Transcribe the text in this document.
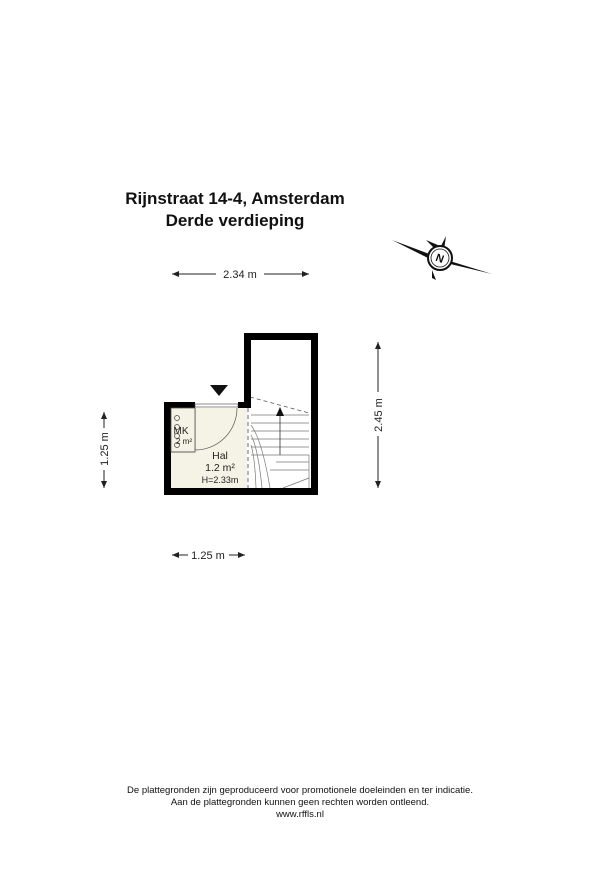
Rijnstraat 14-4, Amsterdam
Derde verdieping
2.34 m
2.45 m
1.25 m
1.25 m
MK
2 m²
Hal
1.2 m²
H=2.33m
N
De plattegronden zijn geproduceerd voor promotionele doeleinden en ter indicatie.
Aan de plattegronden kunnen geen rechten worden ontleend.
www.rffls.nl
